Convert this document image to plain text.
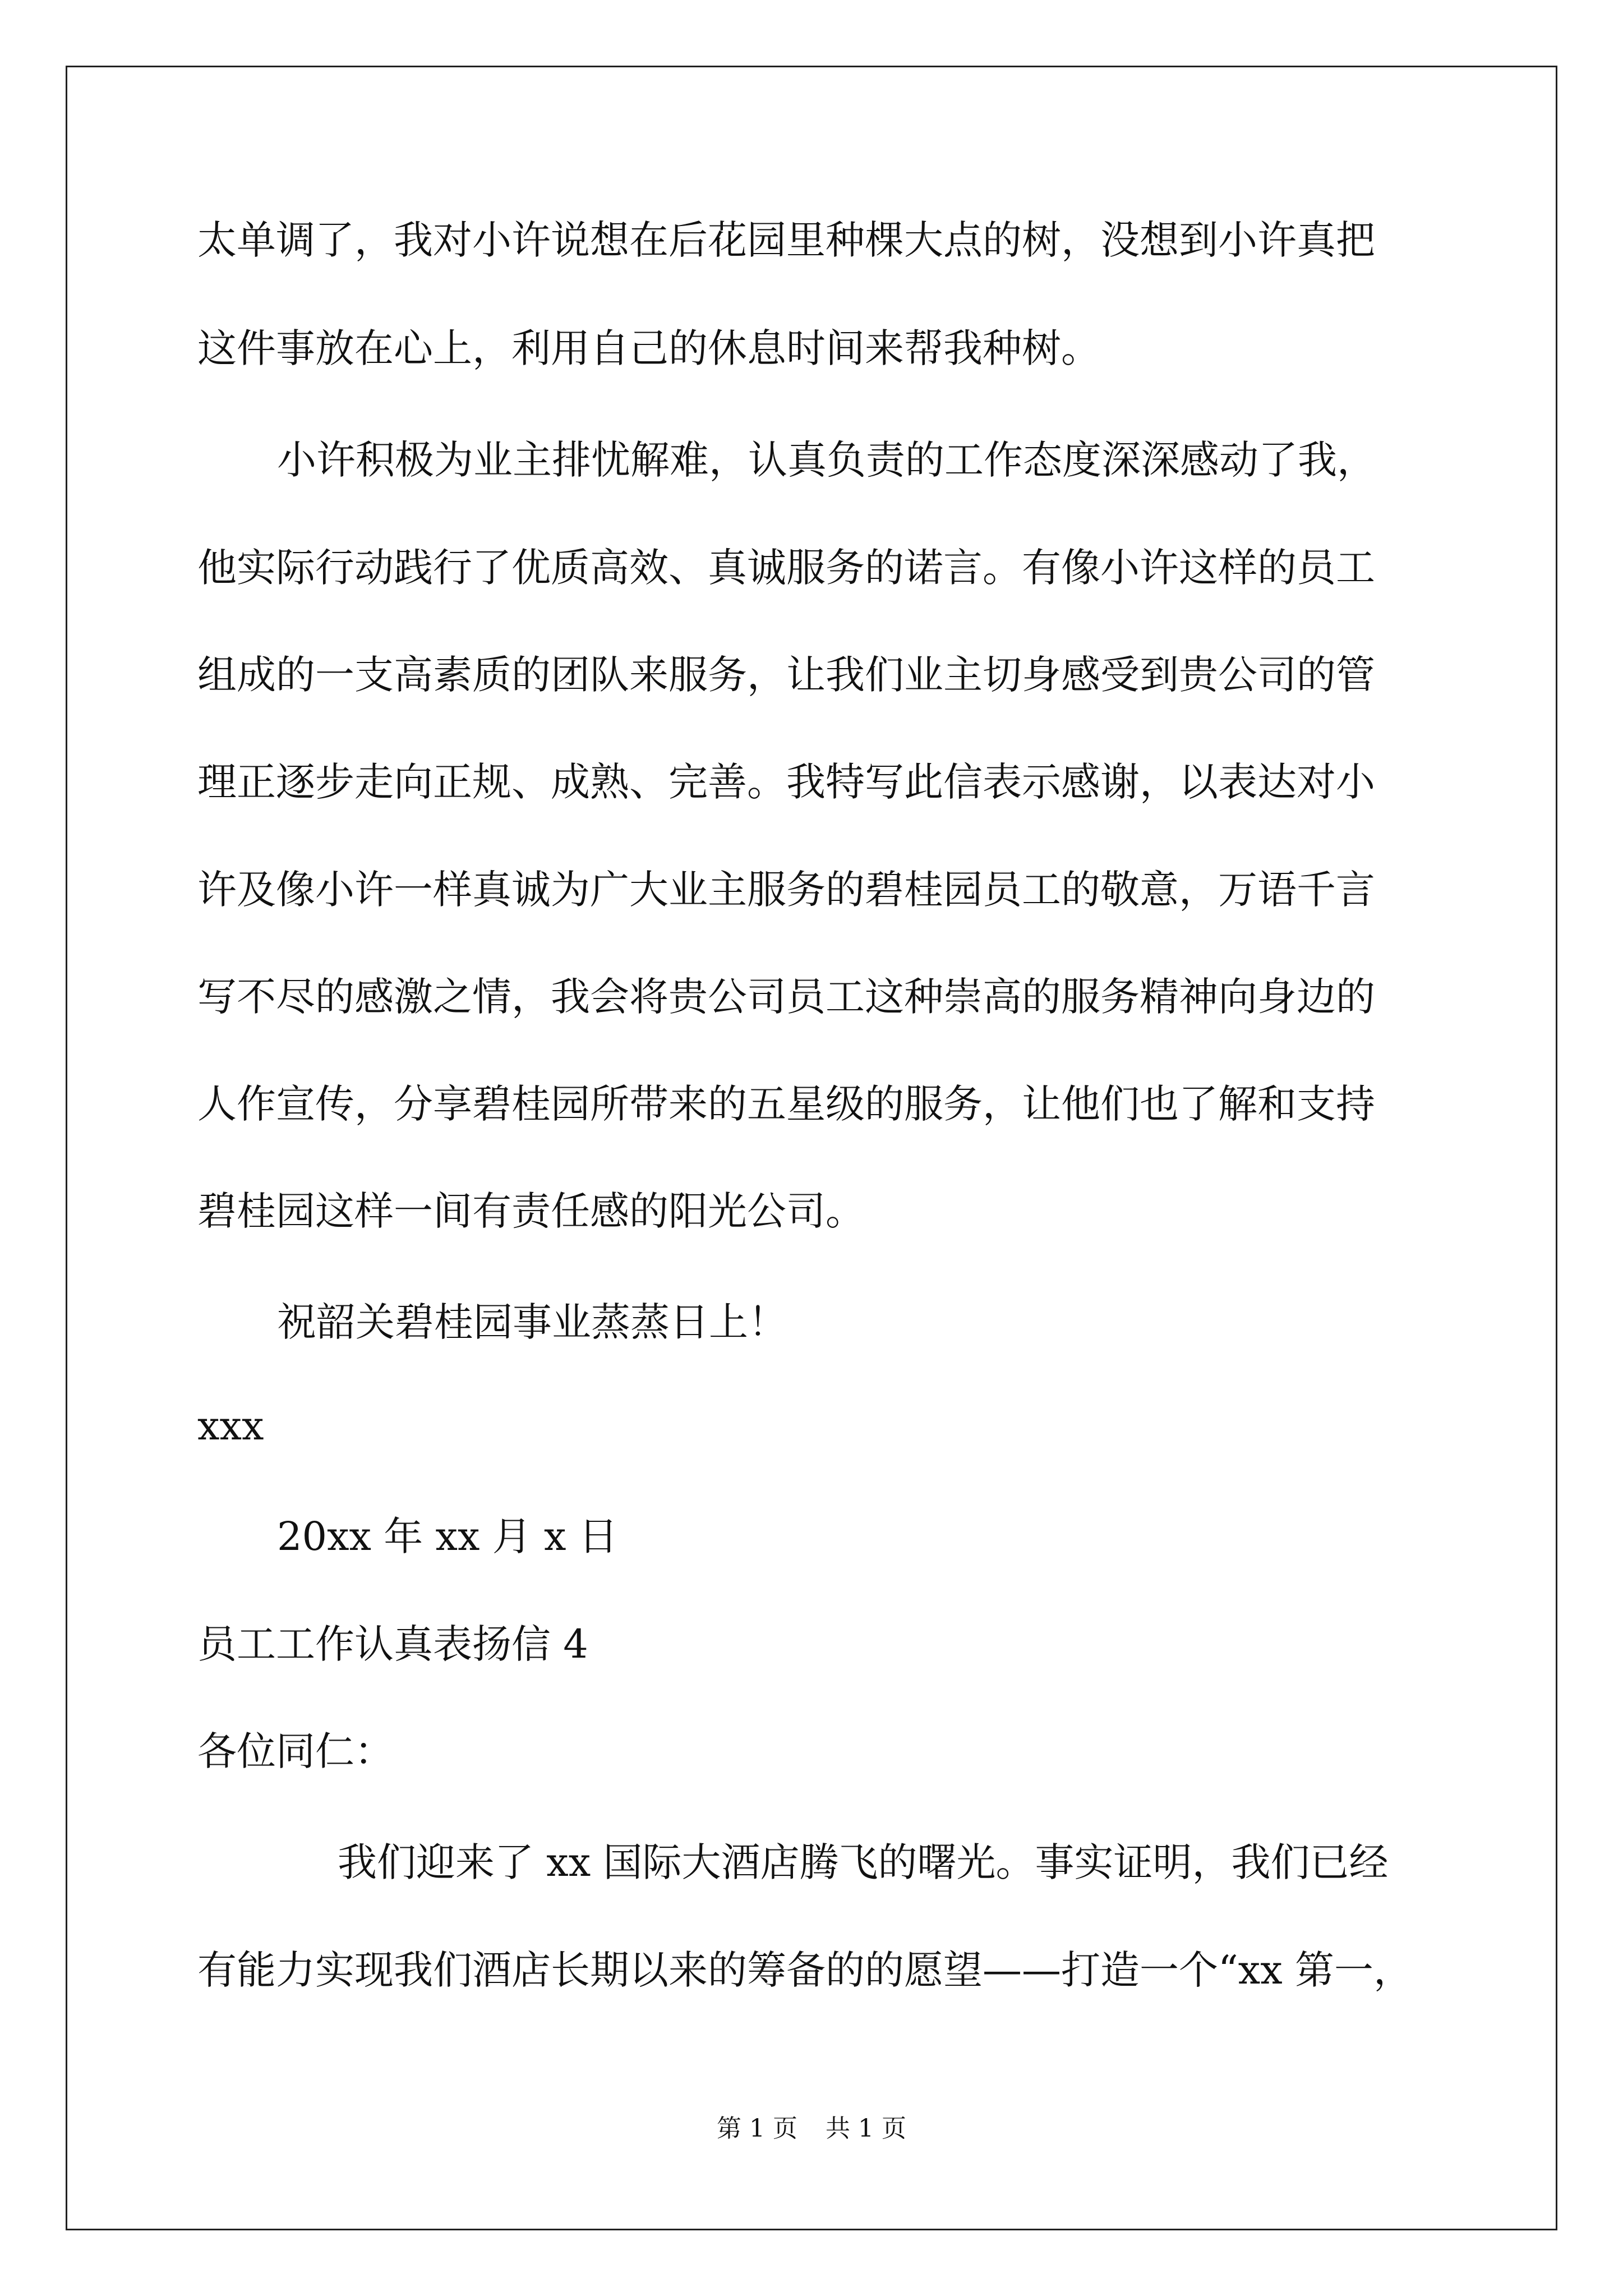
太单调了，我对小许说想在后花园里种棵大点的树，没想到小许真把
这件事放在心上，利用自己的休息时间来帮我种树。
小许积极为业主排忧解难，认真负责的工作态度深深感动了我，
他实际行动践行了优质高效、真诚服务的诺言。有像小许这样的员工
组成的一支高素质的团队来服务，让我们业主切身感受到贵公司的管
理正逐步走向正规、成熟、完善。我特写此信表示感谢，以表达对小
许及像小许一样真诚为广大业主服务的碧桂园员工的敬意，万语千言
写不尽的感激之情，我会将贵公司员工这种崇高的服务精神向身边的
人作宣传，分享碧桂园所带来的五星级的服务，让他们也了解和支持
碧桂园这样一间有责任感的阳光公司。
祝韶关碧桂园事业蒸蒸日上！
xxx
20xx 年 xx 月 x 日
员工工作认真表扬信 4
各位同仁：
我们迎来了 xx 国际大酒店腾飞的曙光。事实证明，我们已经
有能力实现我们酒店长期以来的筹备的的愿望——打造一个“xx 第一，
第 1 页 共 1 页
